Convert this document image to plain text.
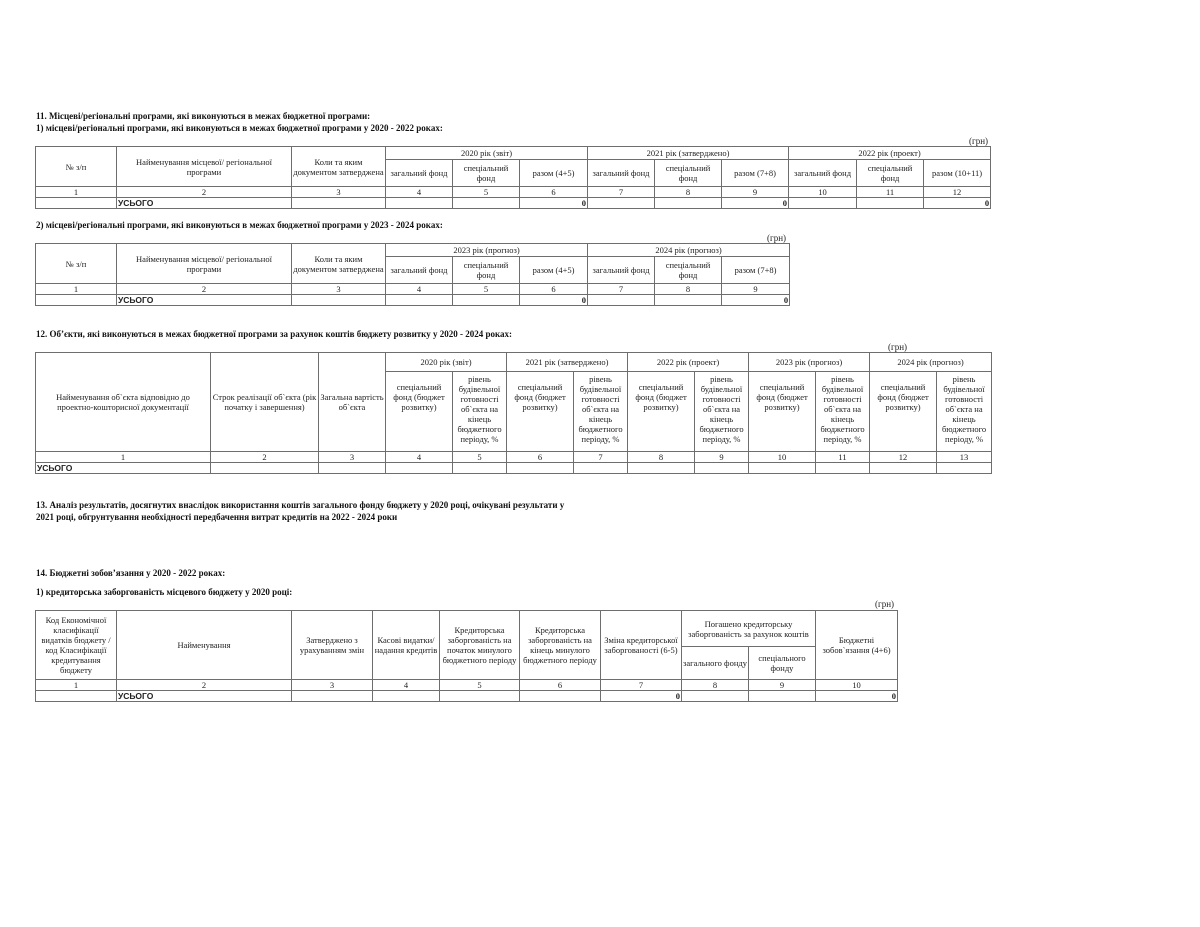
11. Місцеві/регіональні програми, які виконуються в межах бюджетної програми:
1) місцеві/регіональні програми, які виконуються в межах бюджетної програми у 2020 - 2022 роках:
(грн)
№ з/п	Найменування місцевої/ регіональної програми	Коли та яким документом затверджена	2020 рік (звіт)			2021 рік (затверджено)			2022 рік (проект)		
			загальний фонд	спеціальний фонд	разом (4+5)	загальний фонд	спеціальний фонд	разом (7+8)	загальний фонд	спеціальний фонд	разом (10+11)
1	2	3	4	5	6	7	8	9	10	11	12
	УСЬОГО				0			0			0
2) місцеві/регіональні програми, які виконуються в межах бюджетної програми у 2023 - 2024 роках:
(грн)
№ з/п	Найменування місцевої/ регіональної програми	Коли та яким документом затверджена	2023 рік (прогноз)			2024 рік (прогноз)		
			загальний фонд	спеціальний фонд	разом (4+5)	загальний фонд	спеціальний фонд	разом (7+8)
1	2	3	4	5	6	7	8	9
	УСЬОГО				0			0
12. Об’єкти, які виконуються в межах бюджетної програми за рахунок коштів бюджету розвитку у 2020 - 2024 роках:
(грн)
Найменування об`єкта відповідно до проектно-кошторисної документації	Строк реалізації об`єкта (рік початку і завершення)	Загальна вартість об`єкта	2020 рік (звіт)		2021 рік (затверджено)		2022 рік (проект)		2023 рік (прогноз)		2024 рік (прогноз)	
			спеціальний фонд (бюджет розвитку)	рівень будівельної готовності об`єкта на кінець бюджетного періоду, %	спеціальний фонд (бюджет розвитку)	рівень будівельної готовності об`єкта на кінець бюджетного періоду, %	спеціальний фонд (бюджет розвитку)	рівень будівельної готовності об`єкта на кінець бюджетного періоду, %	спеціальний фонд (бюджет розвитку)	рівень будівельної готовності об`єкта на кінець бюджетного періоду, %	спеціальний фонд (бюджет розвитку)	рівень будівельної готовності об`єкта на кінець бюджетного періоду, %
1	2	3	4	5	6	7	8	9	10	11	12	13
УСЬОГО												
13. Аналіз результатів, досягнутих внаслідок використання коштів загального фонду бюджету у 2020 році, очікувані результати у
2021 році, обгрунтування необхідності передбачення витрат кредитів на 2022 - 2024 роки
14. Бюджетні зобов’язання у 2020 - 2022 роках:
1) кредиторська заборгованість місцевого бюджету у 2020 році:
(грн)
Код Економічної класифікації видатків бюджету / код Класифікації кредитування бюджету	Найменування	Затверджено з урахуванням змін	Касові видатки/ надання кредитів	Кредиторська заборгованість на початок минулого бюджетного періоду	Кредиторська заборгованість на кінець минулого бюджетного періоду	Зміна кредиторської заборгованості (6-5)	Погашено кредиторську заборгованість за рахунок коштів		Бюджетні зобов`язання (4+6)
							загального фонду	спеціального фонду	
1	2	3	4	5	6	7	8	9	10
	УСЬОГО					0			0
